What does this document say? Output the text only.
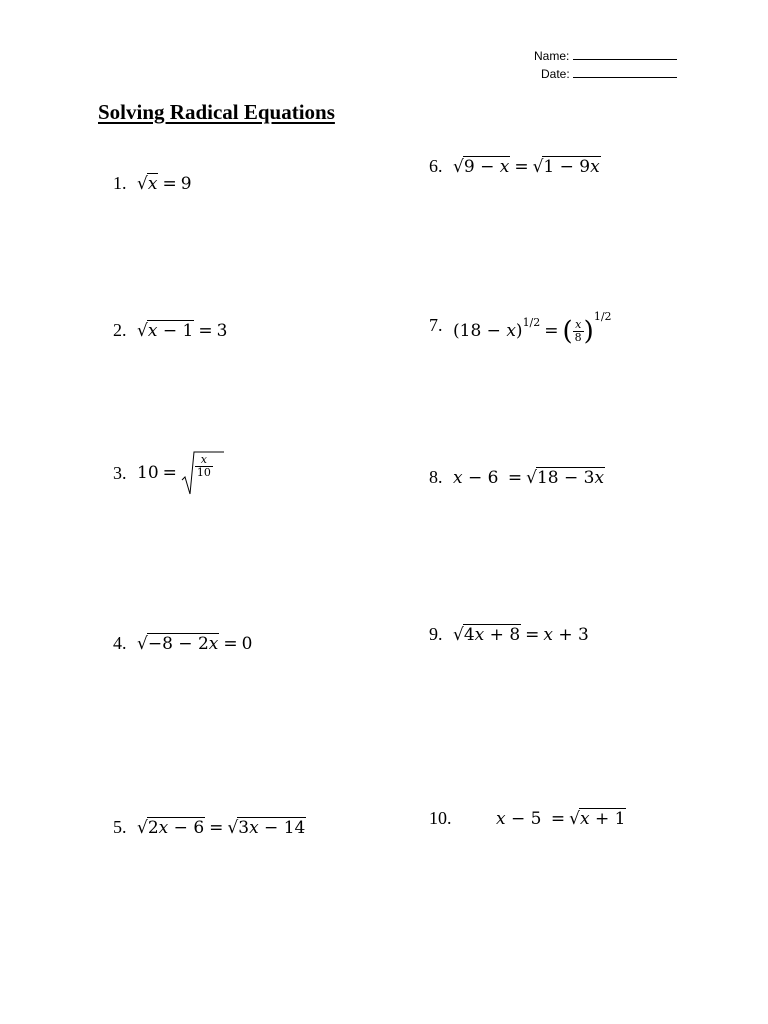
Name:
Date:
Solving Radical Equations
1. √x = 9
2. √x − 1 = 3
3. $10 = \frac{x}{10}$
4. √−8 − 2x = 0
5. √2x − 6 = √3x − 14
6. √9 − x = √1 − 9x
7. $(18 - x)^{1/2}$ = ( $\frac{x}{8} )^{1/2}$
8. x − 6 = √18 − 3x
9. √4x + 8 = x + 3
10.	x − 5 = √x + 1
